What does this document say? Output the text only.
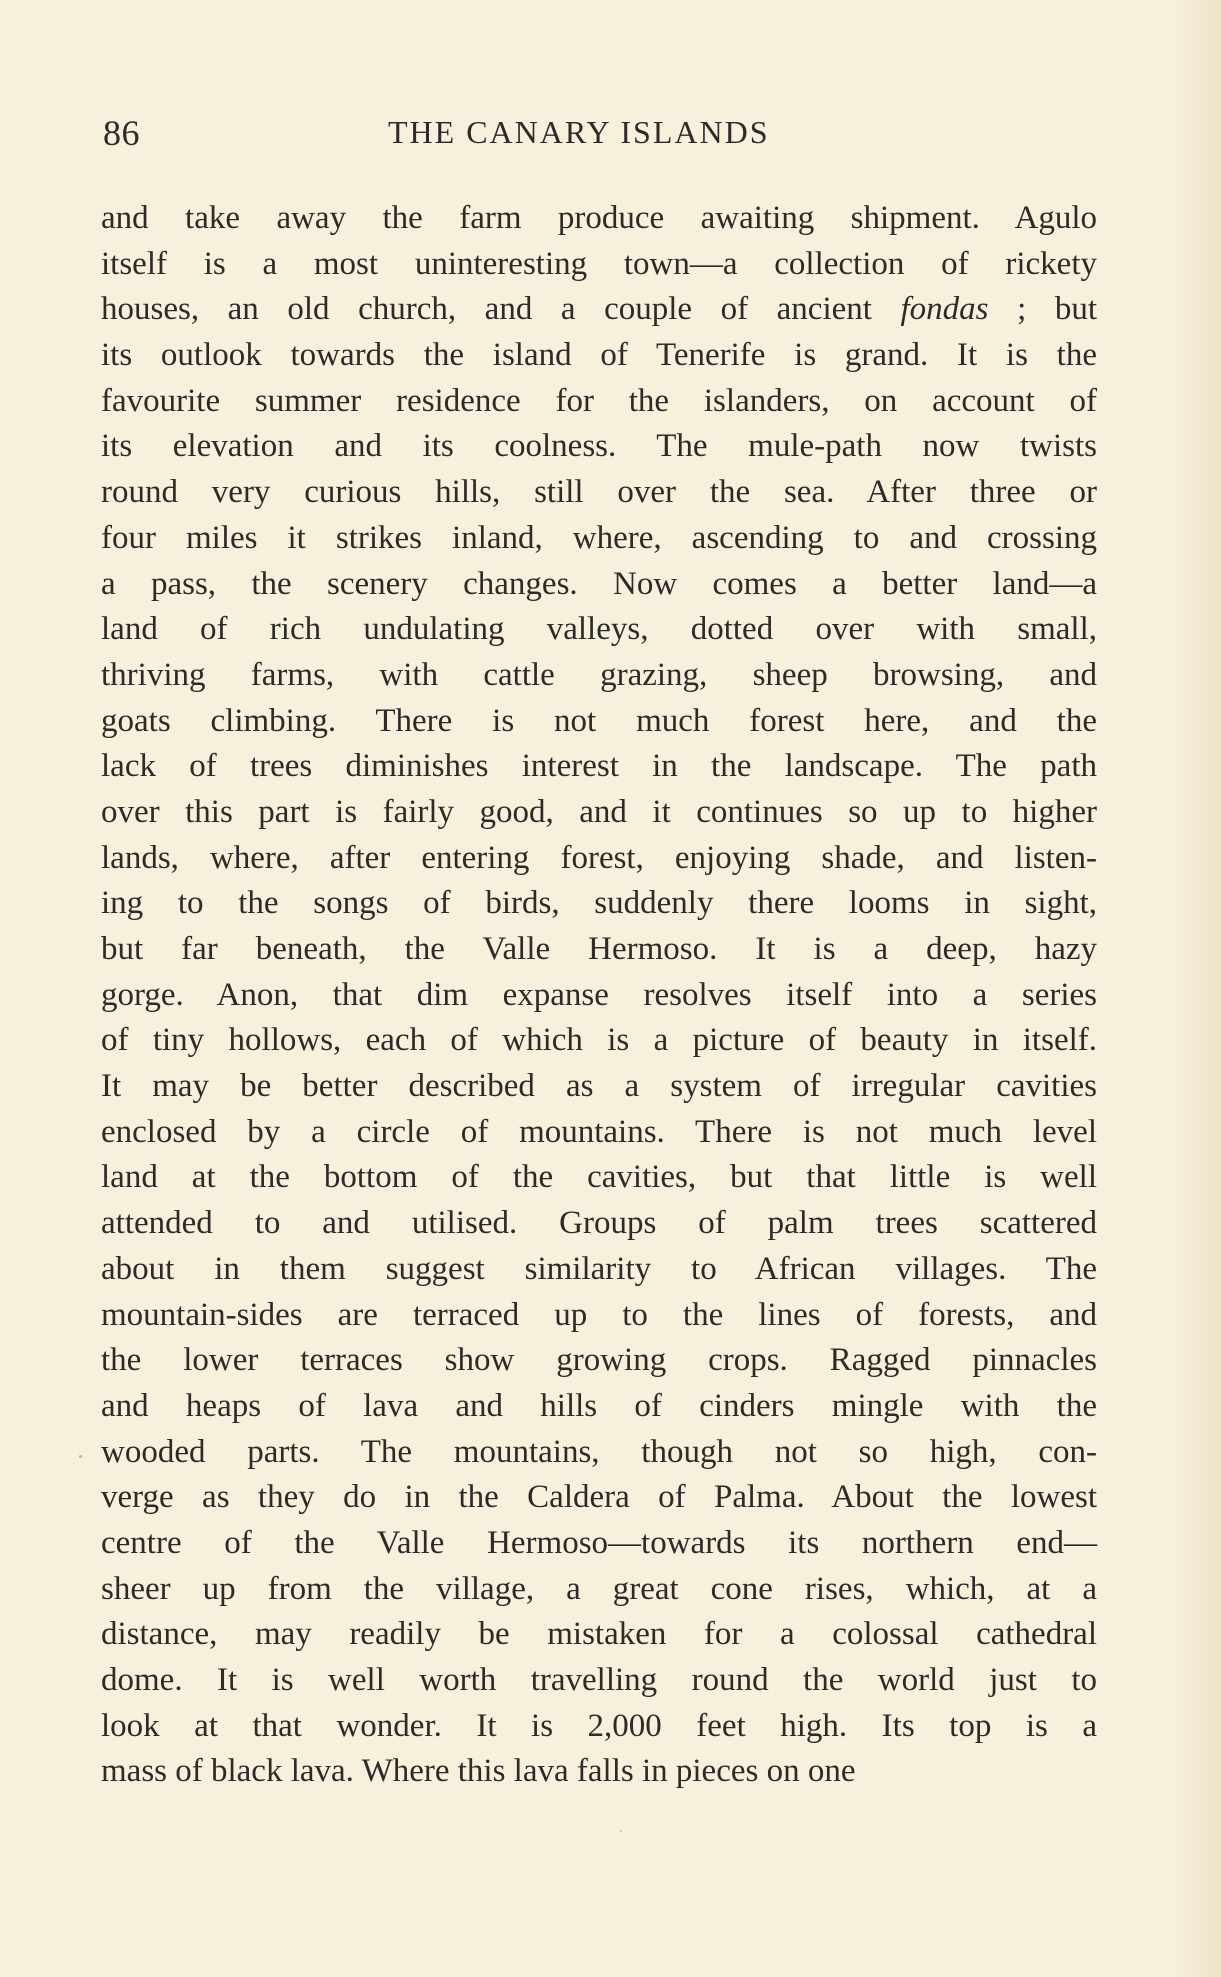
86	THE CANARY ISLANDS
and take away the farm produce awaiting shipment. Agulo
itself is a most uninteresting town—a collection of rickety
houses, an old church, and a couple of ancient fondas ; but
its outlook towards the island of Tenerife is grand. It is the
favourite summer residence for the islanders, on account of
its elevation and its coolness. The mule-path now twists
round very curious hills, still over the sea. After three or
four miles it strikes inland, where, ascending to and crossing
a pass, the scenery changes. Now comes a better land—a
land of rich undulating valleys, dotted over with small,
thriving farms, with cattle grazing, sheep browsing, and
goats climbing. There is not much forest here, and the
lack of trees diminishes interest in the landscape. The path
over this part is fairly good, and it continues so up to higher
lands, where, after entering forest, enjoying shade, and listen-
ing to the songs of birds, suddenly there looms in sight,
but far beneath, the Valle Hermoso. It is a deep, hazy
gorge. Anon, that dim expanse resolves itself into a series
of tiny hollows, each of which is a picture of beauty in itself.
It may be better described as a system of irregular cavities
enclosed by a circle of mountains. There is not much level
land at the bottom of the cavities, but that little is well
attended to and utilised. Groups of palm trees scattered
about in them suggest similarity to African villages. The
mountain-sides are terraced up to the lines of forests, and
the lower terraces show growing crops. Ragged pinnacles
and heaps of lava and hills of cinders mingle with the
wooded parts. The mountains, though not so high, con-
verge as they do in the Caldera of Palma. About the lowest
centre of the Valle Hermoso—towards its northern end—
sheer up from the village, a great cone rises, which, at a
distance, may readily be mistaken for a colossal cathedral
dome. It is well worth travelling round the world just to
look at that wonder. It is 2,000 feet high. Its top is a
mass of black lava. Where this lava falls in pieces on one
